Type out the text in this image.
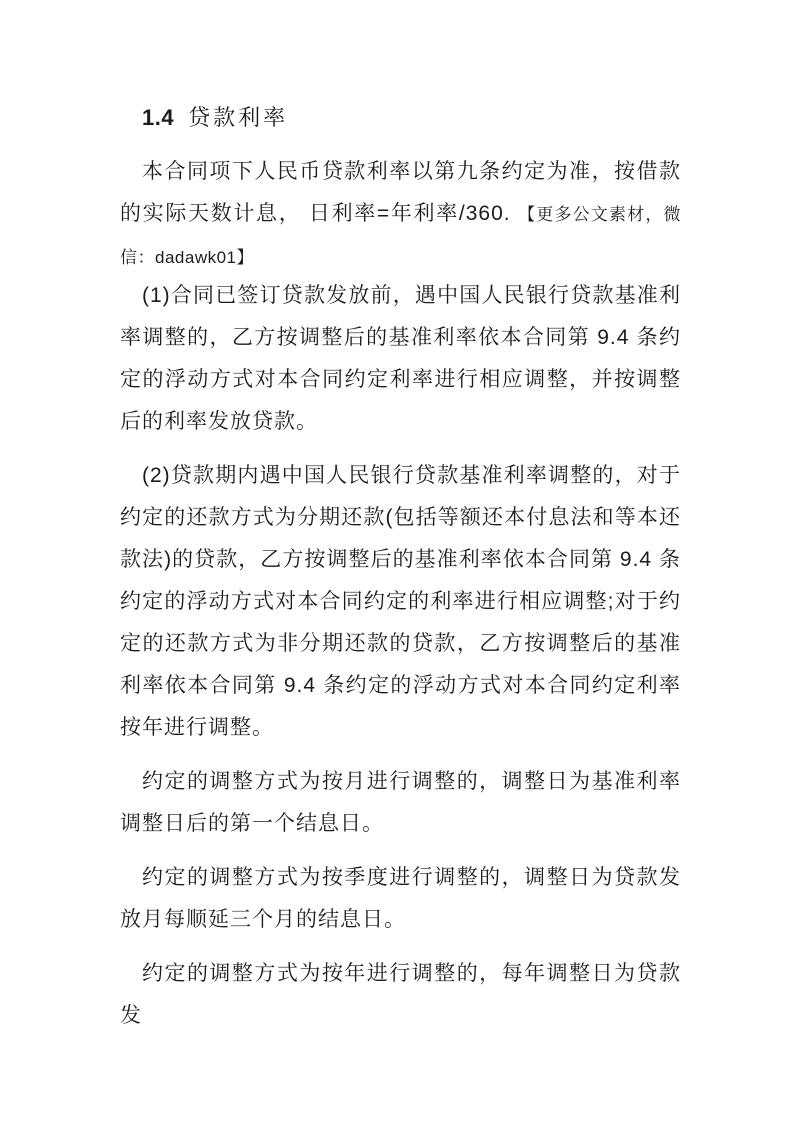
1.4 贷款利率

本合同项下人民币贷款利率以第九条约定为准，按借款的实际天数计息， 日利率=年利率/360. 【更多公文素材，微信：dadawk01】

(1)合同已签订贷款发放前，遇中国人民银行贷款基准利率调整的，乙方按调整后的基准利率依本合同第 9.4 条约定的浮动方式对本合同约定利率进行相应调整，并按调整后的利率发放贷款。

(2)贷款期内遇中国人民银行贷款基准利率调整的，对于约定的还款方式为分期还款(包括等额还本付息法和等本还款法)的贷款，乙方按调整后的基准利率依本合同第 9.4 条约定的浮动方式对本合同约定的利率进行相应调整;对于约定的还款方式为非分期还款的贷款，乙方按调整后的基准利率依本合同第 9.4 条约定的浮动方式对本合同约定利率按年进行调整。

约定的调整方式为按月进行调整的，调整日为基准利率调整日后的第一个结息日。

约定的调整方式为按季度进行调整的，调整日为贷款发放月每顺延三个月的结息日。

约定的调整方式为按年进行调整的，每年调整日为贷款发
